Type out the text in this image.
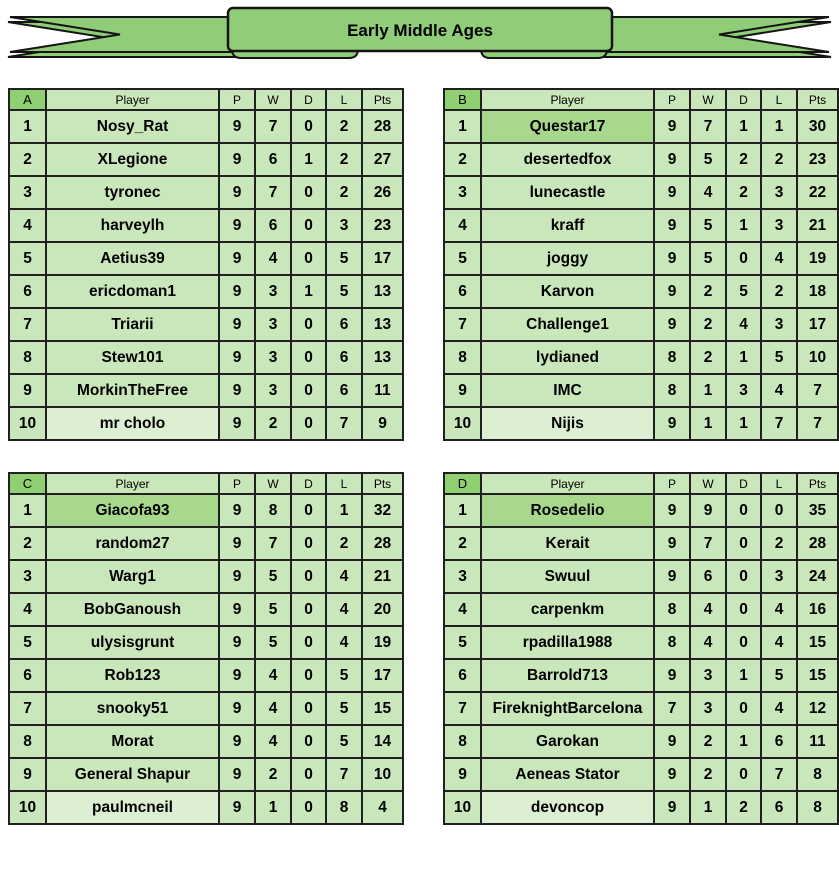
Early Middle Ages
A	Player	P	W	D	L	Pts
1	Nosy_Rat	9	7	0	2	28
2	XLegione	9	6	1	2	27
3	tyronec	9	7	0	2	26
4	harveylh	9	6	0	3	23
5	Aetius39	9	4	0	5	17
6	ericdoman1	9	3	1	5	13
7	Triarii	9	3	0	6	13
8	Stew101	9	3	0	6	13
9	MorkinTheFree	9	3	0	6	11
10	mr cholo	9	2	0	7	9
B	Player	P	W	D	L	Pts
1	Questar17	9	7	1	1	30
2	desertedfox	9	5	2	2	23
3	lunecastle	9	4	2	3	22
4	kraff	9	5	1	3	21
5	joggy	9	5	0	4	19
6	Karvon	9	2	5	2	18
7	Challenge1	9	2	4	3	17
8	lydianed	8	2	1	5	10
9	IMC	8	1	3	4	7
10	Nijis	9	1	1	7	7
C	Player	P	W	D	L	Pts
1	Giacofa93	9	8	0	1	32
2	random27	9	7	0	2	28
3	Warg1	9	5	0	4	21
4	BobGanoush	9	5	0	4	20
5	ulysisgrunt	9	5	0	4	19
6	Rob123	9	4	0	5	17
7	snooky51	9	4	0	5	15
8	Morat	9	4	0	5	14
9	General Shapur	9	2	0	7	10
10	paulmcneil	9	1	0	8	4
D	Player	P	W	D	L	Pts
1	Rosedelio	9	9	0	0	35
2	Kerait	9	7	0	2	28
3	Swuul	9	6	0	3	24
4	carpenkm	8	4	0	4	16
5	rpadilla1988	8	4	0	4	15
6	Barrold713	9	3	1	5	15
7	FireknightBarcelona	7	3	0	4	12
8	Garokan	9	2	1	6	11
9	Aeneas Stator	9	2	0	7	8
10	devoncop	9	1	2	6	8
